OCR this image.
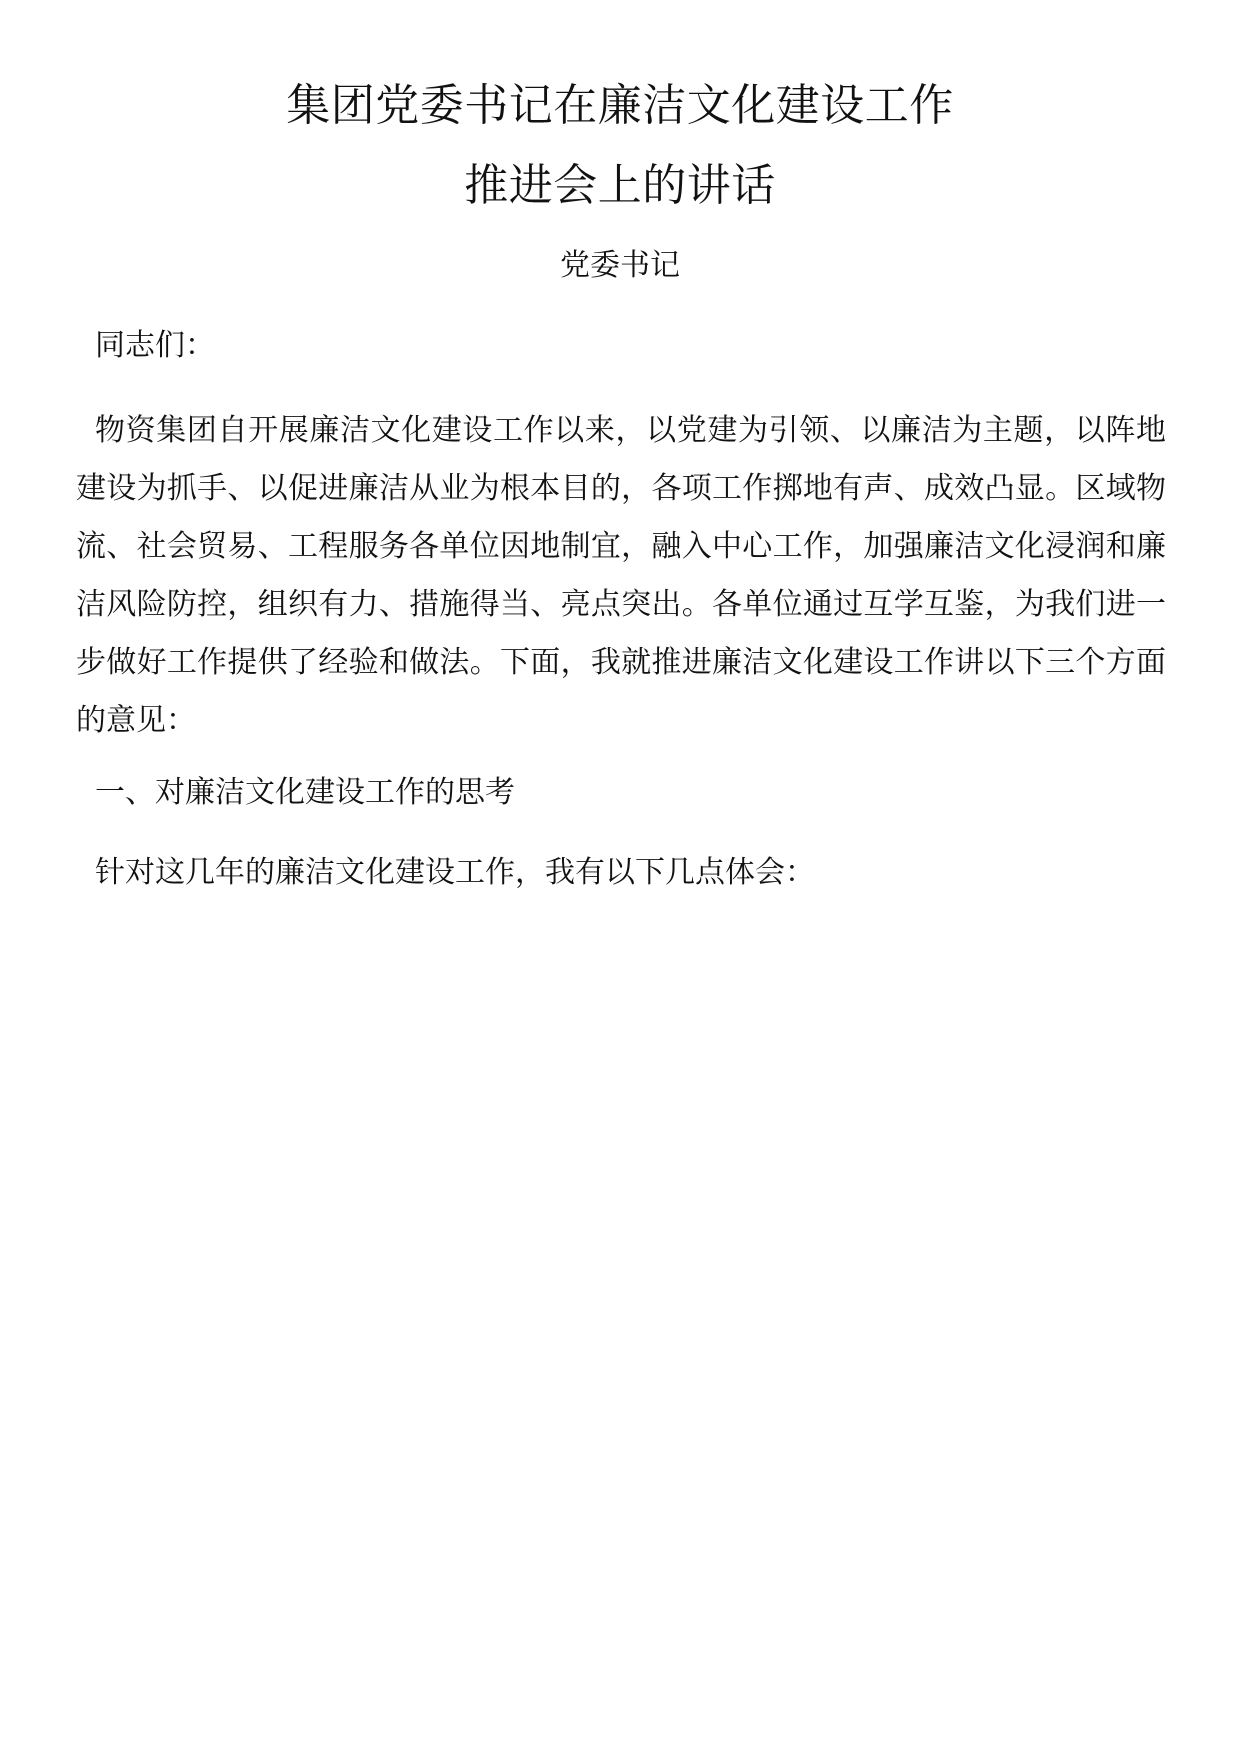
集团党委书记在廉洁文化建设工作
推进会上的讲话
党委书记
同志们：

物资集团自开展廉洁文化建设工作以来，以党建为引领、以廉洁为主题，以阵地建设为抓手、以促进廉洁从业为根本目的，各项工作掷地有声、成效凸显。区域物流、社会贸易、工程服务各单位因地制宜，融入中心工作，加强廉洁文化浸润和廉洁风险防控，组织有力、措施得当、亮点突出。各单位通过互学互鉴，为我们进一步做好工作提供了经验和做法。下面，我就推进廉洁文化建设工作讲以下三个方面的意见：

一、对廉洁文化建设工作的思考
针对这几年的廉洁文化建设工作，我有以下几点体会：
